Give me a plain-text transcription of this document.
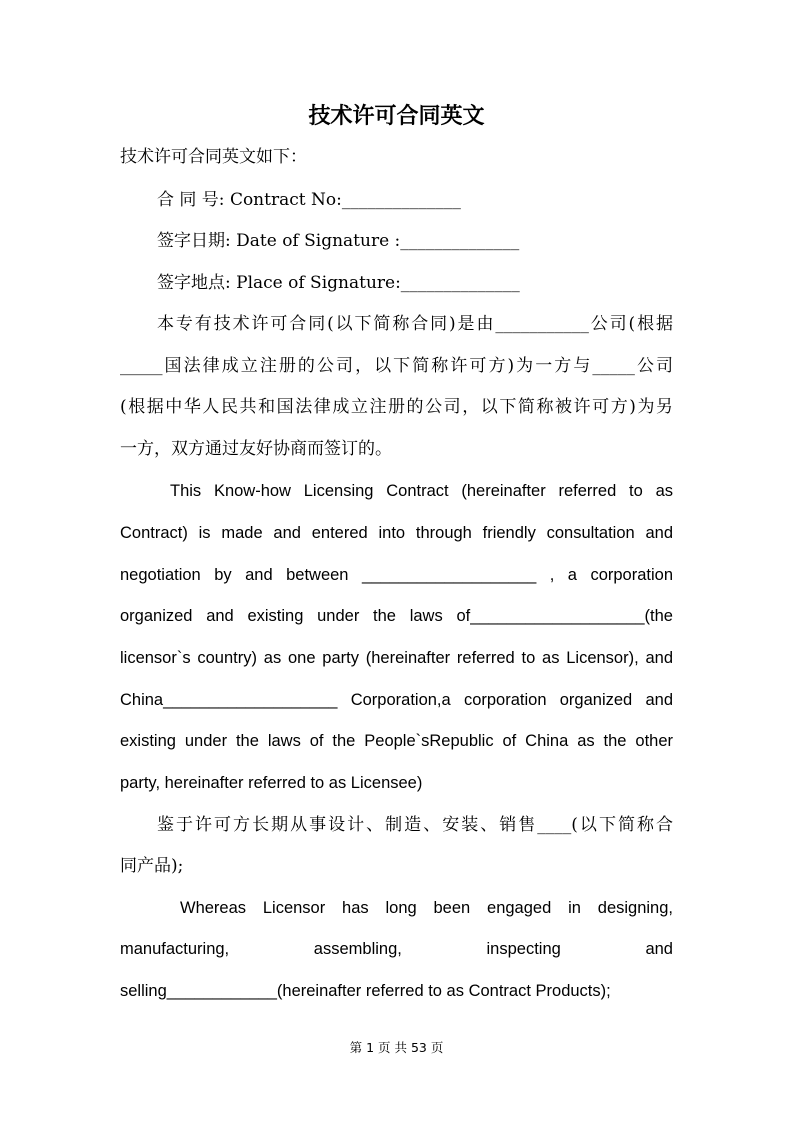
技术许可合同英文
技术许可合同英文如下：
合 同 号: Contract No:______________
签字日期: Date of Signature :______________
签字地点: Place of Signature:______________
本专有技术许可合同(以下简称合同)是由___________公司(根据
_____国法律成立注册的公司，以下简称许可方)为一方与_____公司
(根据中华人民共和国法律成立注册的公司，以下简称被许可方)为另
一方，双方通过友好协商而签订的。
This Know-how Licensing Contract (hereinafter referred to as
Contract) is made and entered into through friendly consultation and
negotiation by and between ___________________ , a corporation
organized and existing under the laws of___________________(the
licensor`s country) as one party (hereinafter referred to as Licensor), and
China___________________ Corporation,a corporation organized and
existing under the laws of the People`sRepublic of China as the other
party, hereinafter referred to as Licensee)
鉴于许可方长期从事设计、制造、安装、销售____(以下简称合
同产品);
Whereas Licensor has long been engaged in designing,
manufacturing, assembling, inspecting and
selling____________(hereinafter referred to as Contract Products);
第 1 页 共 53 页
